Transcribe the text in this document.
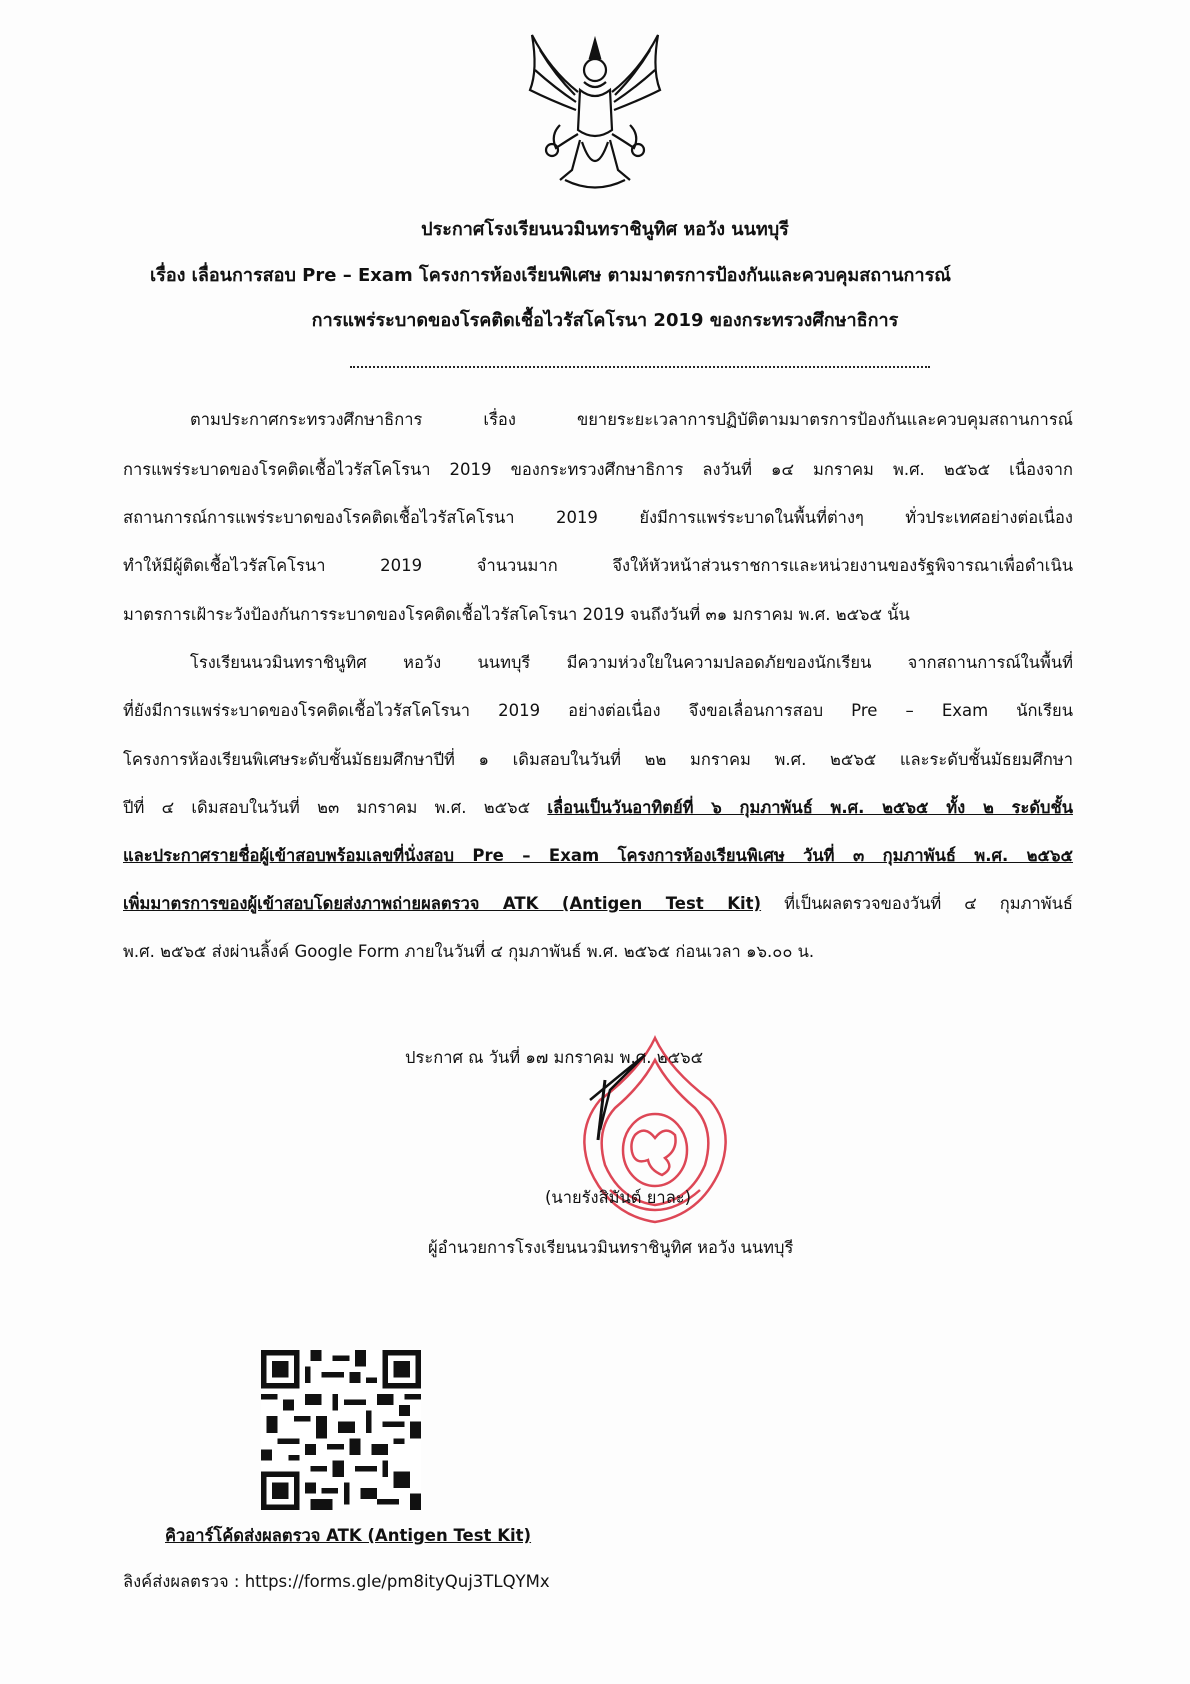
ประกาศโรงเรียนนวมินทราชินูทิศ หอวัง นนทบุรี
เรื่อง เลื่อนการสอบ Pre – Exam โครงการห้องเรียนพิเศษ ตามมาตรการป้องกันและควบคุมสถานการณ์
การแพร่ระบาดของโรคติดเชื้อไวรัสโคโรนา 2019 ของกระทรวงศึกษาธิการ
ตามประกาศกระทรวงศึกษาธิการ เรื่อง ขยายระยะเวลาการปฏิบัติตามมาตรการป้องกันและควบคุมสถานการณ์
การแพร่ระบาดของโรคติดเชื้อไวรัสโคโรนา 2019 ของกระทรวงศึกษาธิการ ลงวันที่ ๑๔ มกราคม พ.ศ. ๒๕๖๕ เนื่องจาก
สถานการณ์การแพร่ระบาดของโรคติดเชื้อไวรัสโคโรนา 2019 ยังมีการแพร่ระบาดในพื้นที่ต่างๆ ทั่วประเทศอย่างต่อเนื่อง
ทำให้มีผู้ติดเชื้อไวรัสโคโรนา 2019 จำนวนมาก จึงให้หัวหน้าส่วนราชการและหน่วยงานของรัฐพิจารณาเพื่อดำเนิน
มาตรการเฝ้าระวังป้องกันการระบาดของโรคติดเชื้อไวรัสโคโรนา 2019 จนถึงวันที่ ๓๑ มกราคม พ.ศ. ๒๕๖๕ นั้น
โรงเรียนนวมินทราชินูทิศ หอวัง นนทบุรี มีความห่วงใยในความปลอดภัยของนักเรียน จากสถานการณ์ในพื้นที่
ที่ยังมีการแพร่ระบาดของโรคติดเชื้อไวรัสโคโรนา 2019 อย่างต่อเนื่อง จึงขอเลื่อนการสอบ Pre – Exam นักเรียน
โครงการห้องเรียนพิเศษระดับชั้นมัธยมศึกษาปีที่ ๑ เดิมสอบในวันที่ ๒๒ มกราคม พ.ศ. ๒๕๖๕ และระดับชั้นมัธยมศึกษา
ปีที่ ๔ เดิมสอบในวันที่ ๒๓ มกราคม พ.ศ. ๒๕๖๕ เลื่อนเป็นวันอาทิตย์ที่ ๖ กุมภาพันธ์ พ.ศ. ๒๕๖๕ ทั้ง ๒ ระดับชั้น
และประกาศรายชื่อผู้เข้าสอบพร้อมเลขที่นั่งสอบ Pre – Exam โครงการห้องเรียนพิเศษ วันที่ ๓ กุมภาพันธ์ พ.ศ. ๒๕๖๕
เพิ่มมาตรการของผู้เข้าสอบโดยส่งภาพถ่ายผลตรวจ ATK (Antigen Test Kit) ที่เป็นผลตรวจของวันที่ ๔ กุมภาพันธ์
พ.ศ. ๒๕๖๕ ส่งผ่านลิ้งค์ Google Form ภายในวันที่ ๔ กุมภาพันธ์ พ.ศ. ๒๕๖๕ ก่อนเวลา ๑๖.๐๐ น.
ประกาศ ณ วันที่ ๑๗ มกราคม พ.ศ. ๒๕๖๕
(นายรังสิมันต์ ยาละ)
ผู้อำนวยการโรงเรียนนวมินทราชินูทิศ หอวัง นนทบุรี
คิวอาร์โค้ดส่งผลตรวจ ATK (Antigen Test Kit)
ลิงค์ส่งผลตรวจ : https://forms.gle/pm8ityQuj3TLQYMx
